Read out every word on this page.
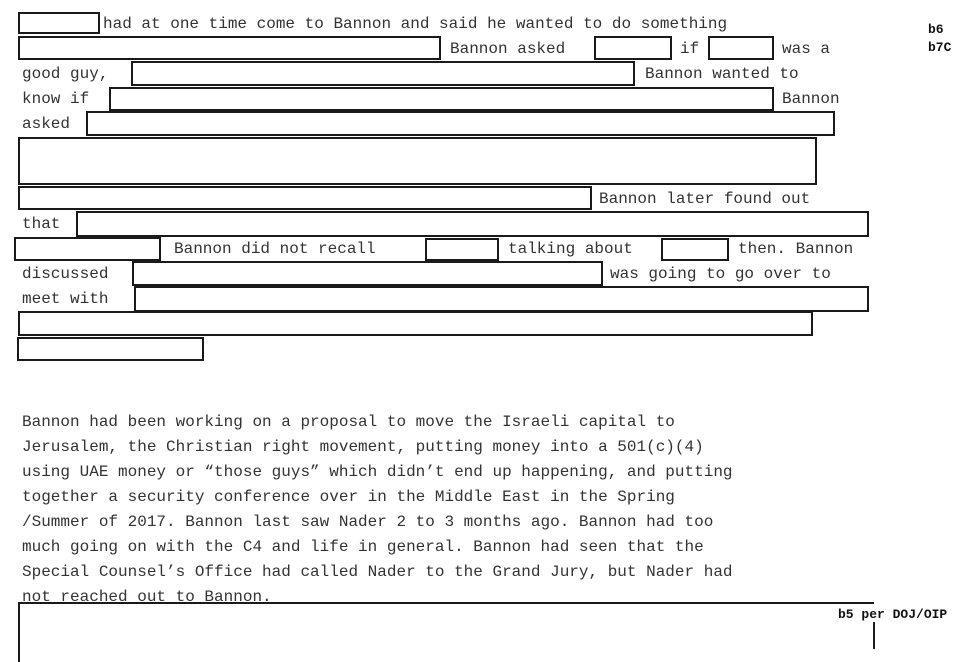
b6
b7C
had at one time come to Bannon and said he wanted to do something
Bannon asked	if	was a
good guy,	Bannon wanted to
know if	Bannon
asked
Bannon later found out
that
Bannon did not recall	talking about	then. Bannon
discussed	was going to go over to
meet with

Bannon had been working on a proposal to move the Israeli capital to
Jerusalem, the Christian right movement, putting money into a 501(c)(4)
using UAE money or “those guys” which didn’t end up happening, and putting
together a security conference over in the Middle East in the Spring
/Summer of 2017. Bannon last saw Nader 2 to 3 months ago. Bannon had too
much going on with the C4 and life in general. Bannon had seen that the
Special Counsel’s Office had called Nader to the Grand Jury, but Nader had
not reached out to Bannon.

b5 per DOJ/OIP
